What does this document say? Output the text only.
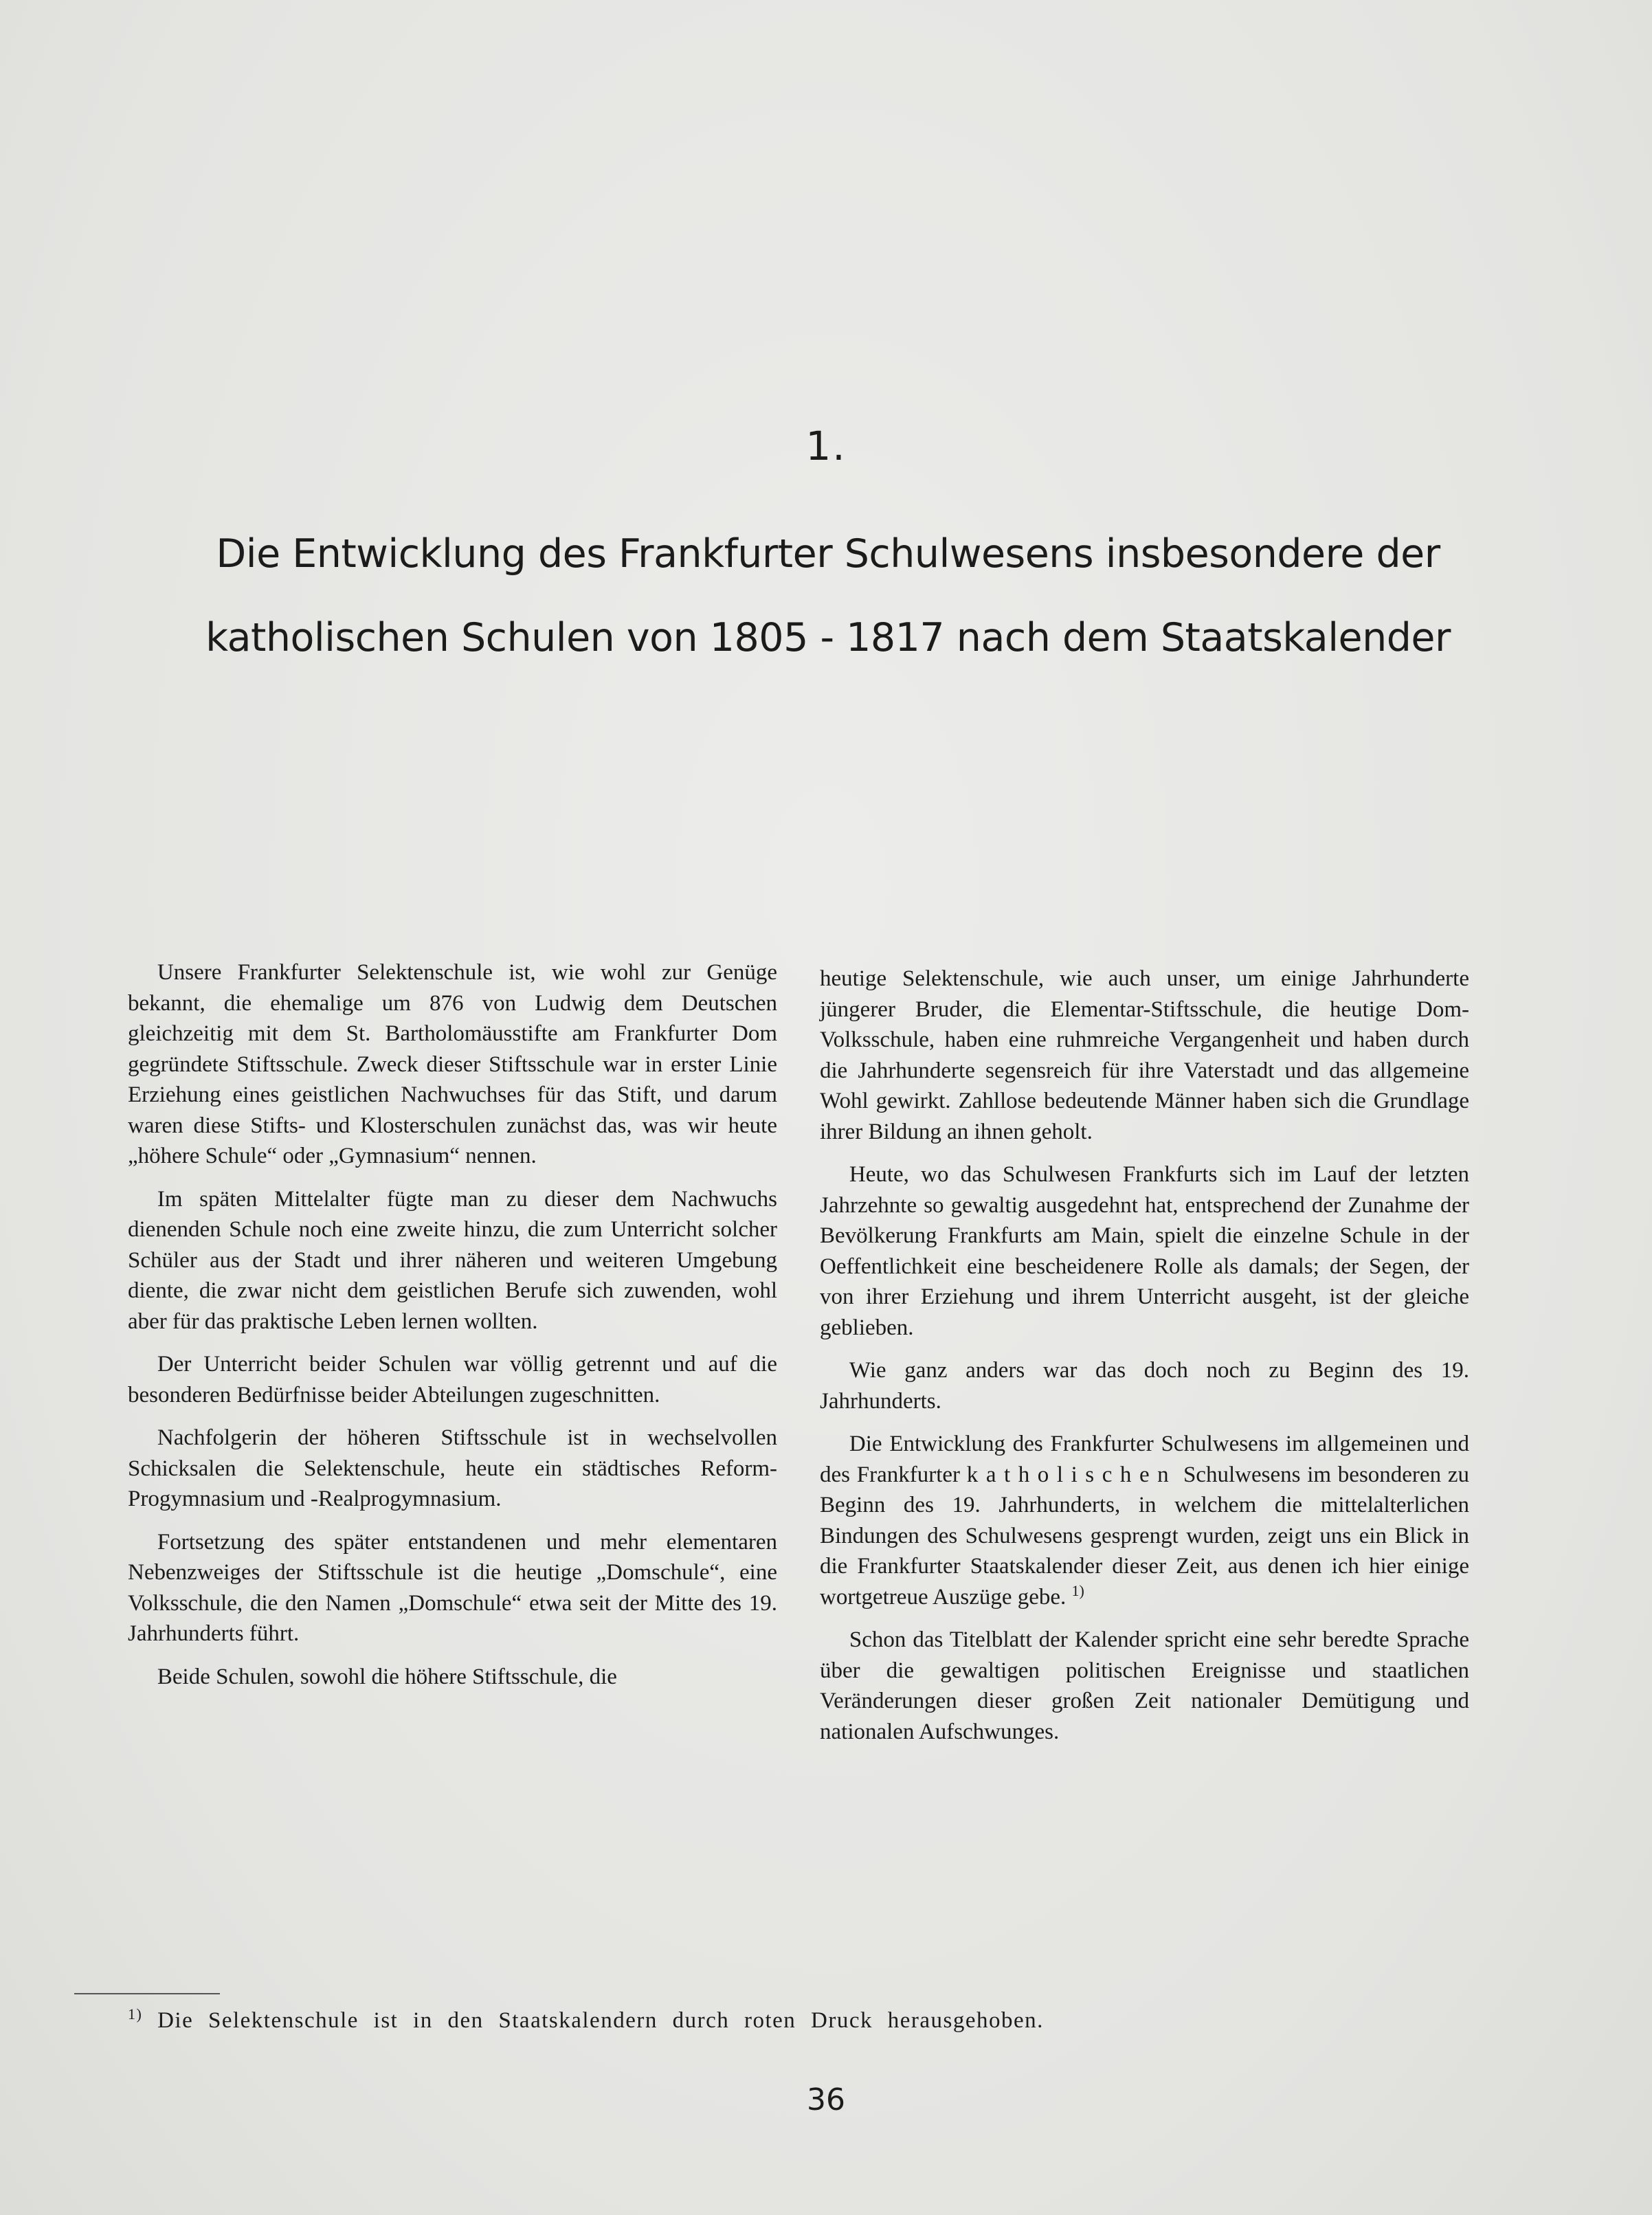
1.
Die Entwicklung des Frankfurter Schulwesens insbesondere der
katholischen Schulen von 1805 - 1817 nach dem Staatskalender

Unsere Frankfurter Selektenschule ist, wie wohl zur Genüge bekannt, die ehemalige um 876 von Ludwig dem Deutschen gleichzeitig mit dem St. Bartholomäusstifte am Frankfurter Dom gegründete Stiftsschule. Zweck dieser Stiftsschule war in erster Linie Erziehung eines geistlichen Nachwuchses für das Stift, und darum waren diese Stifts- und Klosterschulen zunächst das, was wir heute „höhere Schule“ oder „Gymnasium“ nennen.

Im späten Mittelalter fügte man zu dieser dem Nachwuchs dienenden Schule noch eine zweite hinzu, die zum Unterricht solcher Schüler aus der Stadt und ihrer näheren und weiteren Umgebung diente, die zwar nicht dem geistlichen Berufe sich zuwenden, wohl aber für das praktische Leben lernen wollten.

Der Unterricht beider Schulen war völlig getrennt und auf die besonderen Bedürfnisse beider Abteilungen zugeschnitten.

Nachfolgerin der höheren Stiftsschule ist in wechselvollen Schicksalen die Selektenschule, heute ein städtisches Reform-Progymnasium und -Realprogymnasium.

Fortsetzung des später entstandenen und mehr elementaren Nebenzweiges der Stiftsschule ist die heutige „Domschule“, eine Volksschule, die den Namen „Domschule“ etwa seit der Mitte des 19. Jahrhunderts führt.

Beide Schulen, sowohl die höhere Stiftsschule, die

heutige Selektenschule, wie auch unser, um einige Jahrhunderte jüngerer Bruder, die Elementar-Stiftsschule, die heutige Dom-Volksschule, haben eine ruhmreiche Vergangenheit und haben durch die Jahrhunderte segensreich für ihre Vaterstadt und das allgemeine Wohl gewirkt. Zahllose bedeutende Männer haben sich die Grundlage ihrer Bildung an ihnen geholt.

Heute, wo das Schulwesen Frankfurts sich im Lauf der letzten Jahrzehnte so gewaltig ausgedehnt hat, entsprechend der Zunahme der Bevölkerung Frankfurts am Main, spielt die einzelne Schule in der Oeffentlichkeit eine bescheidenere Rolle als damals; der Segen, der von ihrer Erziehung und ihrem Unterricht ausgeht, ist der gleiche geblieben.

Wie ganz anders war das doch noch zu Beginn des 19. Jahrhunderts.

Die Entwicklung des Frankfurter Schulwesens im allgemeinen und des Frankfurter katholischen Schulwesens im besonderen zu Beginn des 19. Jahrhunderts, in welchem die mittelalterlichen Bindungen des Schulwesens gesprengt wurden, zeigt uns ein Blick in die Frankfurter Staatskalender dieser Zeit, aus denen ich hier einige wortgetreue Auszüge gebe. $^{1)}$

Schon das Titelblatt der Kalender spricht eine sehr beredte Sprache über die gewaltigen politischen Ereignisse und staatlichen Veränderungen dieser großen Zeit nationaler Demütigung und nationalen Aufschwunges.

$^{1)}$ Die Selektenschule ist in den Staatskalendern durch roten Druck herausgehoben.
36
